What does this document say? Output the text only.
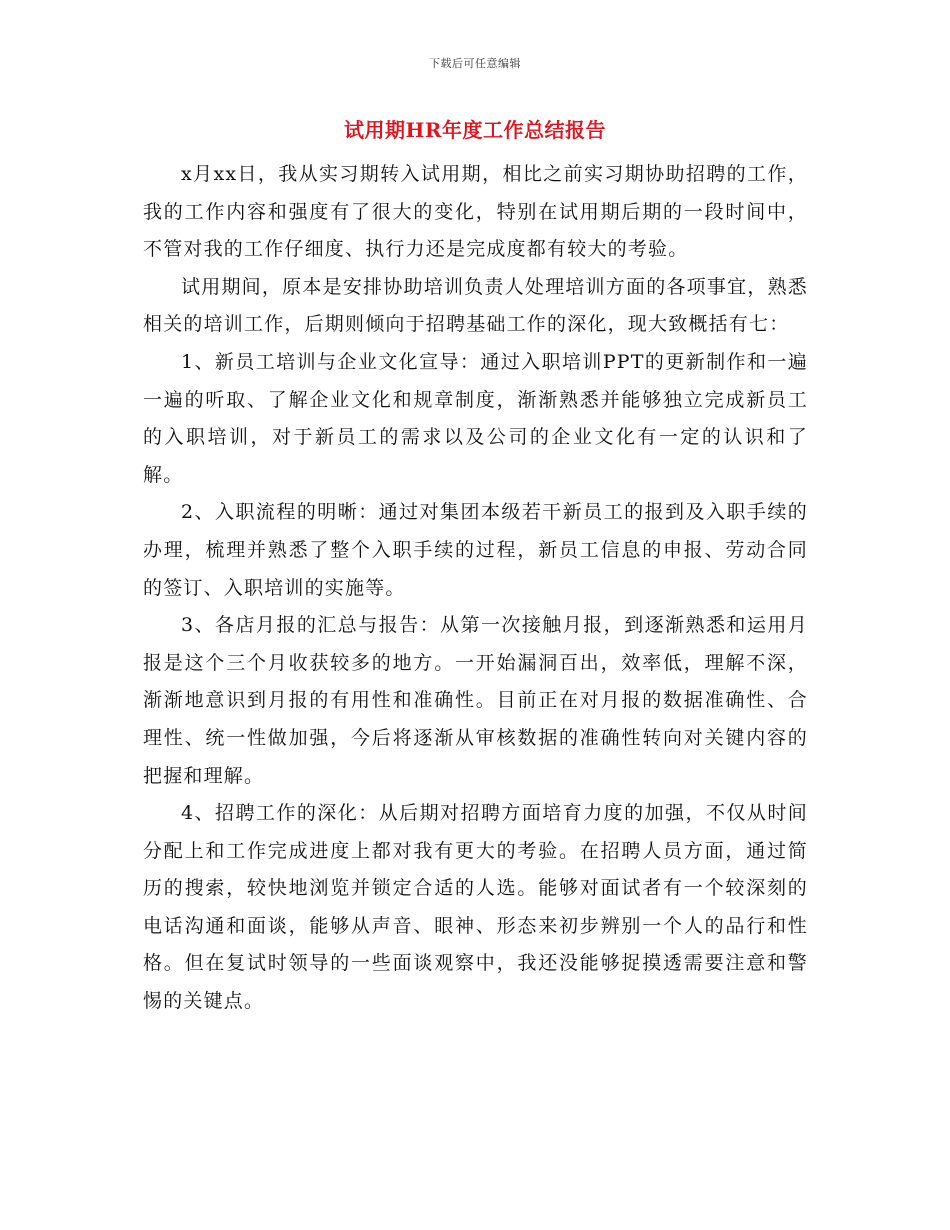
下载后可任意编辑
试用期HR年度工作总结报告

x月xx日，我从实习期转入试用期，相比之前实习期协助招聘的工作，我的工作内容和强度有了很大的变化，特别在试用期后期的一段时间中，不管对我的工作仔细度、执行力还是完成度都有较大的考验。

试用期间，原本是安排协助培训负责人处理培训方面的各项事宜，熟悉相关的培训工作，后期则倾向于招聘基础工作的深化，现大致概括有七：

1、新员工培训与企业文化宣导：通过入职培训PPT的更新制作和一遍一遍的听取、了解企业文化和规章制度，渐渐熟悉并能够独立完成新员工的入职培训，对于新员工的需求以及公司的企业文化有一定的认识和了解。

2、入职流程的明晰：通过对集团本级若干新员工的报到及入职手续的办理，梳理并熟悉了整个入职手续的过程，新员工信息的申报、劳动合同的签订、入职培训的实施等。

3、各店月报的汇总与报告：从第一次接触月报，到逐渐熟悉和运用月报是这个三个月收获较多的地方。一开始漏洞百出，效率低，理解不深，渐渐地意识到月报的有用性和准确性。目前正在对月报的数据准确性、合理性、统一性做加强，今后将逐渐从审核数据的准确性转向对关键内容的把握和理解。

4、招聘工作的深化：从后期对招聘方面培育力度的加强，不仅从时间分配上和工作完成进度上都对我有更大的考验。在招聘人员方面，通过简历的搜索，较快地浏览并锁定合适的人选。能够对面试者有一个较深刻的电话沟通和面谈，能够从声音、眼神、形态来初步辨别一个人的品行和性格。但在复试时领导的一些面谈观察中，我还没能够捉摸透需要注意和警惕的关键点。
